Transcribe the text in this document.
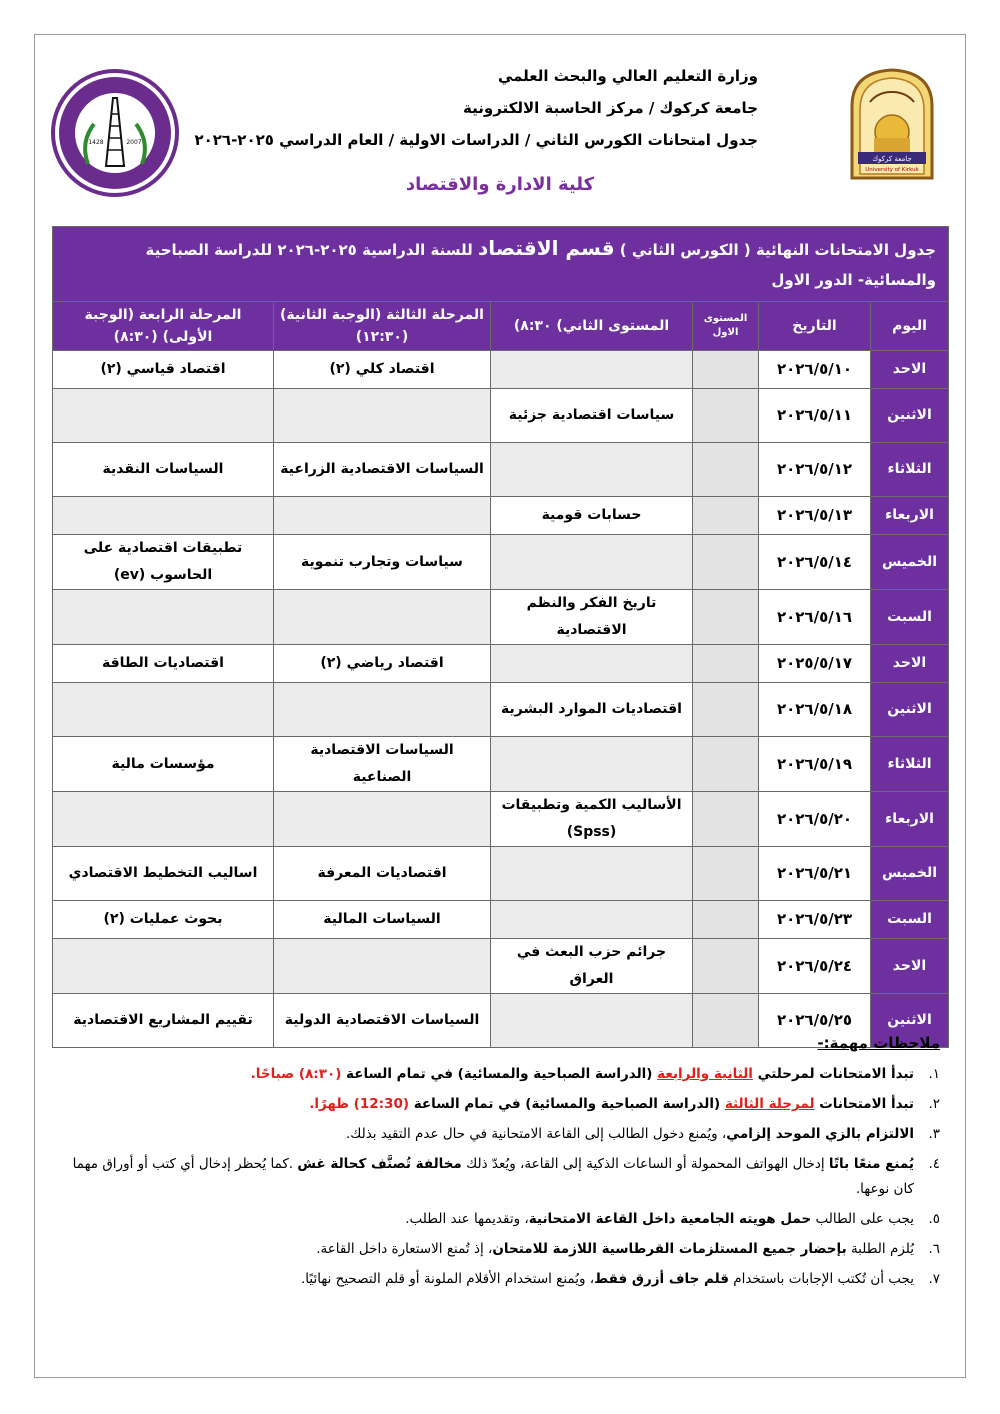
وزارة التعليم العالي والبحث العلمي
جامعة كركوك / مركز الحاسبة الالكترونية
جدول امتحانات الكورس الثاني / الدراسات الاولية / العام الدراسي ٢٠٢٥-٢٠٢٦
كلية الادارة والاقتصاد
جامعة كركوك
University of Kirkuk
1428	2007
جدول الامتحانات النهائية ( الكورس الثاني ) قسم الاقتصاد للسنة الدراسية ٢٠٢٥-٢٠٢٦ للدراسة الصباحية والمسائية- الدور الاول					
اليوم	التاريخ	المستوى الاول	المستوى الثاني) ٨:٣٠)	المرحلة الثالثة (الوجبة الثانية) (١٢:٣٠)	المرحلة الرابعة (الوجبة الأولى) (٨:٣٠)
الاحد	٢٠٢٦/٥/١٠			اقتصاد كلي (٢)	اقتصاد قياسي (٢)
الاثنين	٢٠٢٦/٥/١١		سياسات اقتصادية جزئية		
الثلاثاء	٢٠٢٦/٥/١٢			السياسات الاقتصادية الزراعية	السياسات النقدية
الاربعاء	٢٠٢٦/٥/١٣		حسابات قومية		
الخميس	٢٠٢٦/٥/١٤			سياسات وتجارب تنموية	تطبيقات اقتصادية على الحاسوب (ev)
السبت	٢٠٢٦/٥/١٦		تاريخ الفكر والنظم الاقتصادية		
الاحد	٢٠٢٥/٥/١٧			اقتصاد رياضي (٢)	اقتصاديات الطاقة
الاثنين	٢٠٢٦/٥/١٨		اقتصاديات الموارد البشرية		
الثلاثاء	٢٠٢٦/٥/١٩			السياسات الاقتصادية الصناعية	مؤسسات مالية
الاربعاء	٢٠٢٦/٥/٢٠		الأساليب الكمية وتطبيقات (Spss)		
الخميس	٢٠٢٦/٥/٢١			اقتصاديات المعرفة	اساليب التخطيط الاقتصادي
السبت	٢٠٢٦/٥/٢٣			السياسات المالية	بحوث عمليات (٢)
الاحد	٢٠٢٦/٥/٢٤		جرائم حزب البعث في العراق		
الاثنين	٢٠٢٦/٥/٢٥			السياسات الاقتصادية الدولية	تقييم المشاريع الاقتصادية
ملاحظات مهمة:-
١.
تبدأ الامتحانات لمرحلتي الثانية والرابعة (الدراسة الصباحية والمسائية) في تمام الساعة (٨:٣٠) صباحًا.
٢.
تبدأ الامتحانات لمرحلة الثالثة (الدراسة الصباحية والمسائية) في تمام الساعة (12:30) ظهرًا.
٣.
الالتزام بالزي الموحد إلزامي، ويُمنع دخول الطالب إلى القاعة الامتحانية في حال عدم التقيد بذلك.
٤.
يُمنع منعًا باتًا إدخال الهواتف المحمولة أو الساعات الذكية إلى القاعة، ويُعدّ ذلك مخالفة تُصنَّف كحالة غش .كما يُحظر إدخال أي كتب أو أوراق مهما كان نوعها.
٥.
يجب على الطالب حمل هويته الجامعية داخل القاعة الامتحانية، وتقديمها عند الطلب.
٦.
يُلزم الطلبة بإحضار جميع المستلزمات القرطاسية اللازمة للامتحان، إذ تُمنع الاستعارة داخل القاعة.
٧.
يجب أن تُكتب الإجابات باستخدام قلم جاف أزرق فقط، ويُمنع استخدام الأقلام الملونة أو قلم التصحيح نهائيًا.
